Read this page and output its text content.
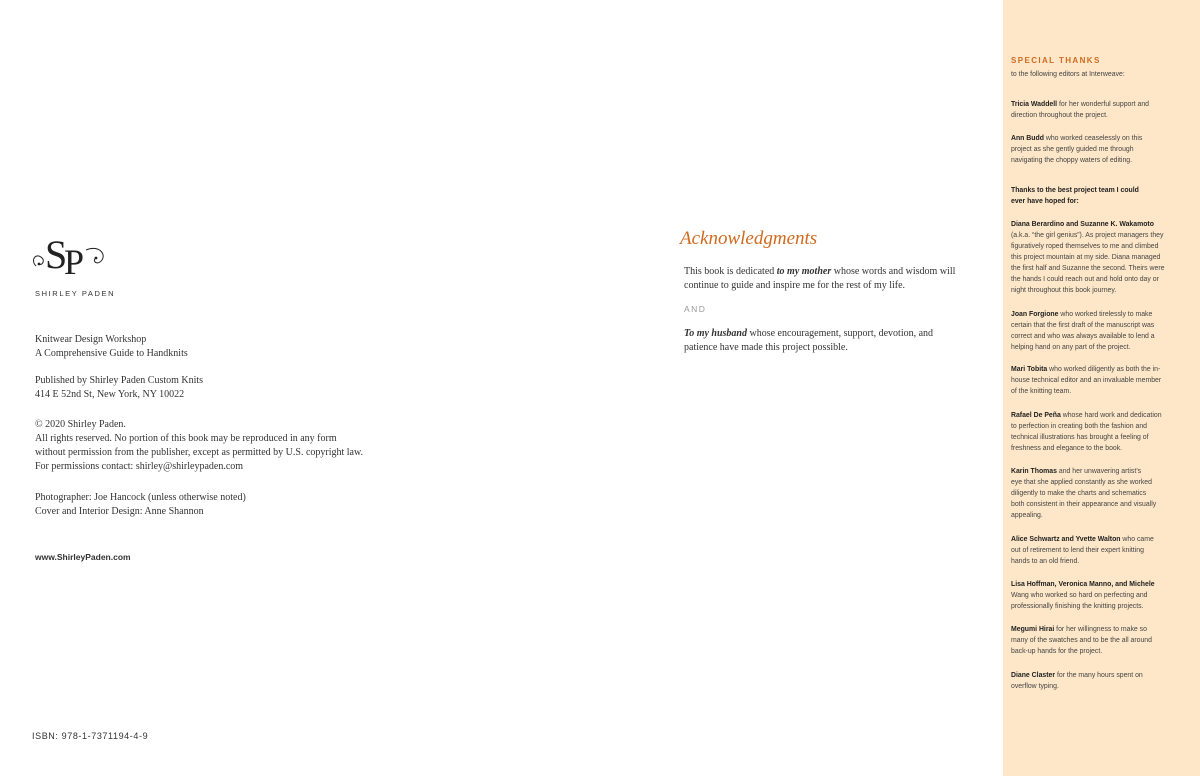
S
P
SHIRLEY PADEN
Knitwear Design Workshop
A Comprehensive Guide to Handknits
Published by Shirley Paden Custom Knits
414 E 52nd St, New York, NY 10022
© 2020 Shirley Paden.
All rights reserved. No portion of this book may be reproduced in any form
without permission from the publisher, except as permitted by U.S. copyright law.
For permissions contact: shirley@shirleypaden.com
Photographer: Joe Hancock (unless otherwise noted)
Cover and Interior Design: Anne Shannon
www.ShirleyPaden.com
ISBN: 978-1-7371194-4-9
Acknowledgments
This book is dedicated to my mother whose words and wisdom will
continue to guide and inspire me for the rest of my life.
AND
To my husband whose encouragement, support, devotion, and
patience have made this project possible.
SPECIAL THANKS
to the following editors at Interweave:
Tricia Waddell for her wonderful support and
direction throughout the project.
Ann Budd who worked ceaselessly on this
project as she gently guided me through
navigating the choppy waters of editing.
Thanks to the best project team I could
ever have hoped for:
Diana Berardino and Suzanne K. Wakamoto
(a.k.a. “the girl genius”). As project managers they
figuratively roped themselves to me and climbed
this project mountain at my side. Diana managed
the first half and Suzanne the second. Theirs were
the hands I could reach out and hold onto day or
night throughout this book journey.
Joan Forgione who worked tirelessly to make
certain that the first draft of the manuscript was
correct and who was always available to lend a
helping hand on any part of the project.
Mari Tobita who worked diligently as both the in-
house technical editor and an invaluable member
of the knitting team.
Rafael De Peña whose hard work and dedication
to perfection in creating both the fashion and
technical illustrations has brought a feeling of
freshness and elegance to the book.
Karin Thomas and her unwavering artist’s
eye that she applied constantly as she worked
diligently to make the charts and schematics
both consistent in their appearance and visually
appealing.
Alice Schwartz and Yvette Walton who came
out of retirement to lend their expert knitting
hands to an old friend.
Lisa Hoffman, Veronica Manno, and Michele
Wang who worked so hard on perfecting and
professionally finishing the knitting projects.
Megumi Hirai for her willingness to make so
many of the swatches and to be the all around
back-up hands for the project.
Diane Claster for the many hours spent on
overflow typing.
